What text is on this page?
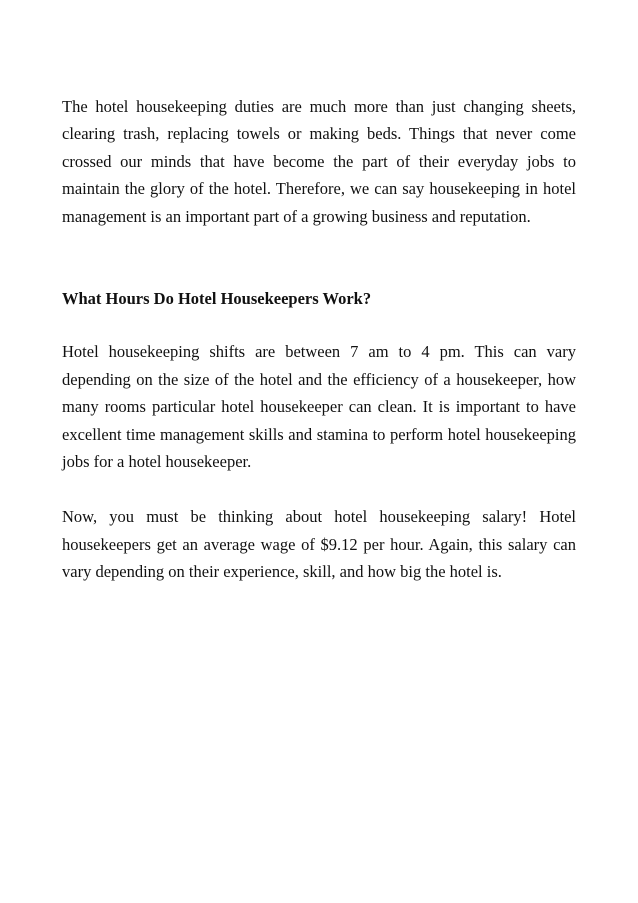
The hotel housekeeping duties are much more than just changing sheets, clearing trash, replacing towels or making beds. Things that never come crossed our minds that have become the part of their everyday jobs to maintain the glory of the hotel. Therefore, we can say housekeeping in hotel management is an important part of a growing business and reputation.

What Hours Do Hotel Housekeepers Work?

Hotel housekeeping shifts are between 7 am to 4 pm. This can vary depending on the size of the hotel and the efficiency of a housekeeper, how many rooms particular hotel housekeeper can clean. It is important to have excellent time management skills and stamina to perform hotel housekeeping jobs for a hotel housekeeper.

Now, you must be thinking about hotel housekeeping salary! Hotel housekeepers get an average wage of $9.12 per hour. Again, this salary can vary depending on their experience, skill, and how big the hotel is.
